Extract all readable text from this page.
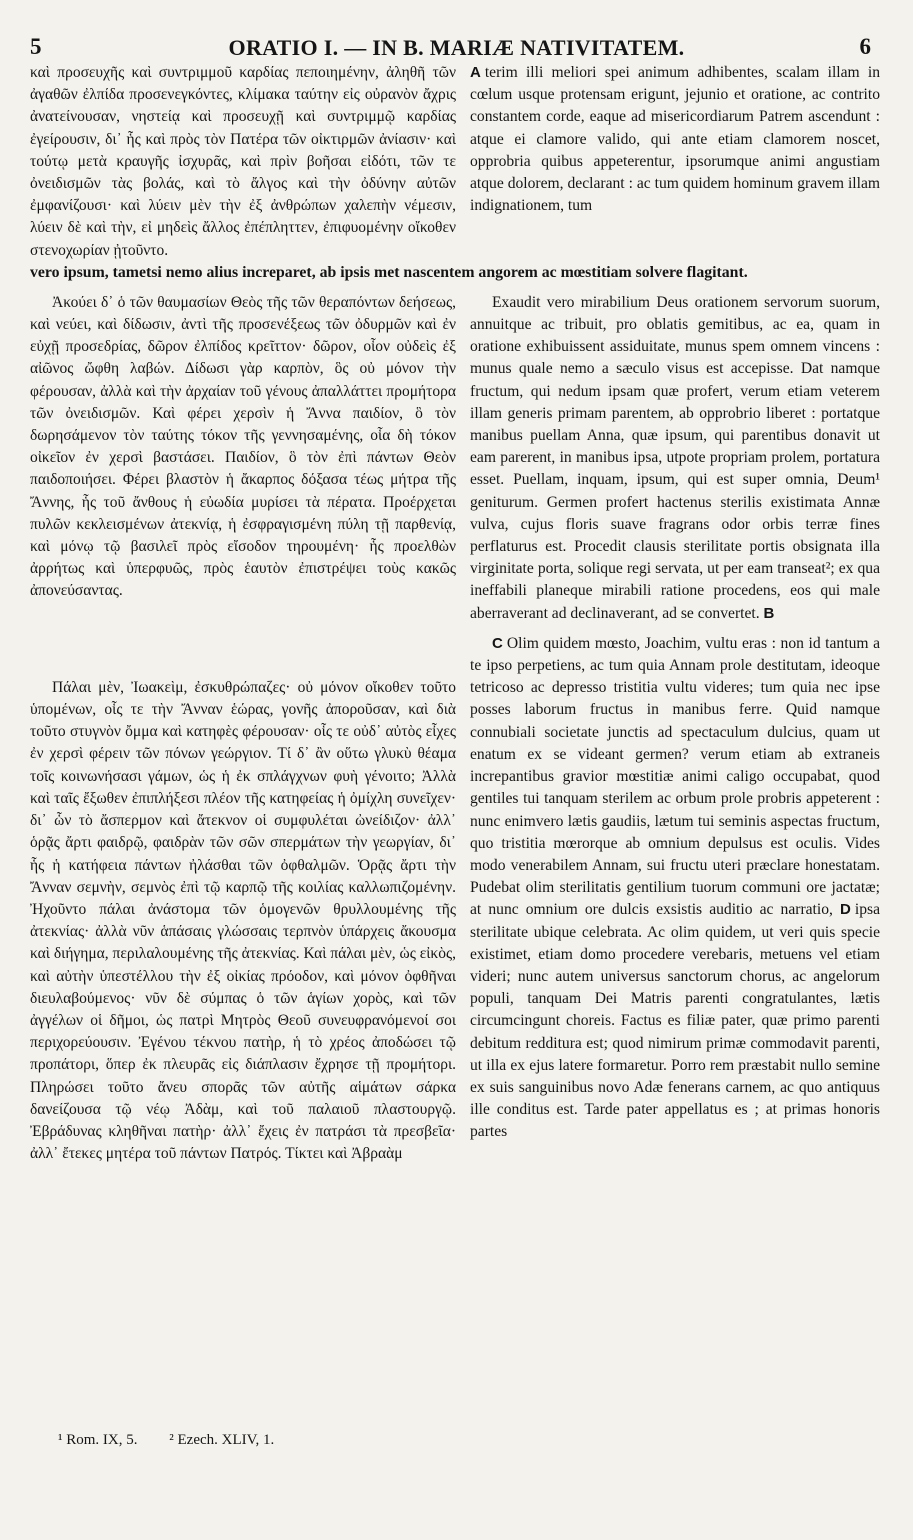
5	ORATIO I. — IN B. MARIÆ NATIVITATEM.	6

καὶ προσευχῆς καὶ συντριμμοῦ καρδίας πεποιημένην, ἀληθῆ τῶν ἀγαθῶν ἐλπίδα προσενεγκόντες, κλίμακα ταύτην εἰς οὐρανὸν ἄχρις ἀνατείνουσαν, νηστείᾳ καὶ προσευχῇ καὶ συντριμμῷ καρδίας ἐγείρουσιν, δι᾽ ἧς καὶ πρὸς τὸν Πατέρα τῶν οἰκτιρμῶν ἀνίασιν· καὶ τούτῳ μετὰ κραυγῆς ἰσχυρᾶς, καὶ πρὶν βοῆσαι εἰδότι, τῶν τε ὀνειδισμῶν τὰς βολάς, καὶ τὸ ἄλγος καὶ τὴν ὀδύνην αὐτῶν ἐμφανίζουσι· καὶ λύειν μὲν τὴν ἐξ ἀνθρώπων χαλεπὴν νέμεσιν, λύειν δὲ καὶ τὴν, εἰ μηδεὶς ἄλλος ἐπέπληττεν, ἐπιφυομένην οἴκοθεν στενοχωρίαν ᾐτοῦντο.

A terim illi meliori spei animum adhibentes, scalam illam in cœlum usque protensam erigunt, jejunio et oratione, ac contrito constantem corde, eaque ad misericordiarum Patrem ascendunt : atque ei clamore valido, qui ante etiam clamorem noscet, opprobria quibus appeterentur, ipsorumque animi angustiam atque dolorem, declarant : ac tum quidem hominum gravem illam indignationem, tum

vero ipsum, tametsi nemo alius increparet, ab ipsis met nascentem angorem ac mœstitiam solvere flagitant.

Ἀκούει δ᾽ ὁ τῶν θαυμασίων Θεὸς τῆς τῶν θεραπόντων δεήσεως, καὶ νεύει, καὶ δίδωσιν, ἀντὶ τῆς προσενέξεως τῶν ὀδυρμῶν καὶ ἐν εὐχῇ προσεδρίας, δῶρον ἐλπίδος κρεῖττον· δῶρον, οἷον οὐδεὶς ἐξ αἰῶνος ὤφθη λαβών. Δίδωσι γὰρ καρπὸν, ὃς οὐ μόνον τὴν φέρουσαν, ἀλλὰ καὶ τὴν ἀρχαίαν τοῦ γένους ἀπαλλάττει προμήτορα τῶν ὀνειδισμῶν. Καὶ φέρει χερσὶν ἡ Ἄννα παιδίον, ὃ τὸν δωρησάμενον τὸν ταύτης τόκον τῆς γεννησαμένης, οἷα δὴ τόκον οἰκεῖον ἐν χερσὶ βαστάσει. Παιδίον, ὃ τὸν ἐπὶ πάντων Θεὸν παιδοποιήσει. Φέρει βλαστὸν ἡ ἄκαρπος δόξασα τέως μήτρα τῆς Ἄννης, ἧς τοῦ ἄνθους ἡ εὐωδία μυρίσει τὰ πέρατα. Προέρχεται πυλῶν κεκλεισμένων ἀτεκνίᾳ, ἡ ἐσφραγισμένη πύλη τῇ παρθενίᾳ, καὶ μόνῳ τῷ βασιλεῖ πρὸς εἴσοδον τηρουμένη· ἧς προελθὼν ἀρρήτως καὶ ὑπερφυῶς, πρὸς ἑαυτὸν ἐπιστρέψει τοὺς κακῶς ἀπονεύσαντας.

Exaudit vero mirabilium Deus orationem servorum suorum, annuitque ac tribuit, pro oblatis gemitibus, ac ea, quam in oratione exhibuissent assiduitate, munus spem omnem vincens : munus quale nemo a sæculo visus est accepisse. Dat namque fructum, qui nedum ipsam quæ profert, verum etiam veterem illam generis primam parentem, ab opprobrio liberet : portatque manibus puellam Anna, quæ ipsum, qui parentibus donavit ut eam parerent, in manibus ipsa, utpote propriam prolem, portatura esset. Puellam, inquam, ipsum, qui est super omnia, Deum¹ geniturum. Germen profert hactenus sterilis existimata Annæ vulva, cujus floris suave fragrans odor orbis terræ fines perflaturus est. Procedit clausis sterilitate portis obsignata illa virginitate porta, solique regi servata, ut per eam transeat²; ex qua ineffabili planeque mirabili ratione procedens, eos qui male aberraverant ad declinaverant, ad se convertet. B

Πάλαι μὲν, Ἰωακεὶμ, ἐσκυθρώπαζες· οὐ μόνον οἴκοθεν τοῦτο ὑπομένων, οἷς τε τὴν Ἄνναν ἑώρας, γονῆς ἀποροῦσαν, καὶ διὰ τοῦτο στυγνὸν ὄμμα καὶ κατηφὲς φέρουσαν· οἷς τε οὐδ᾽ αὐτὸς εἶχες ἐν χερσὶ φέρειν τῶν πόνων γεώργιον. Τί δ᾽ ἂν οὕτω γλυκὺ θέαμα τοῖς κοινωνήσασι γάμων, ὡς ἡ ἐκ σπλάγχνων φυὴ γένοιτο; Ἀλλὰ καὶ ταῖς ἔξωθεν ἐπιπλήξεσι πλέον τῆς κατηφείας ἡ ὀμίχλη συνεῖχεν· δι᾽ ὧν τὸ ἄσπερμον καὶ ἄτεκνον οἱ συμφυλέται ὠνείδιζον· ἀλλ᾽ ὁρᾷς ἄρτι φαιδρῷ, φαιδρὰν τῶν σῶν σπερμάτων τὴν γεωργίαν, δι᾽ ἧς ἡ κατήφεια πάντων ἠλάσθαι τῶν ὀφθαλμῶν. Ὁρᾷς ἄρτι τὴν Ἄνναν σεμνὴν, σεμνὸς ἐπὶ τῷ καρπῷ τῆς κοιλίας καλλωπιζομένην. Ἠχοῦντο πάλαι ἀνάστομα τῶν ὁμογενῶν θρυλλουμένης τῆς ἀτεκνίας· ἀλλὰ νῦν ἁπάσαις γλώσσαις τερπνὸν ὑπάρχεις ἄκουσμα καὶ διήγημα, περιλαλουμένης τῆς ἀτεκνίας. Καὶ πάλαι μὲν, ὡς εἰκὸς, καὶ αὐτὴν ὑπεστέλλου τὴν ἐξ οἰκίας πρόοδον, καὶ μόνον ὀφθῆναι διευλαβούμενος· νῦν δὲ σύμπας ὁ τῶν ἁγίων χορὸς, καὶ τῶν ἀγγέλων οἱ δῆμοι, ὡς πατρὶ Μητρὸς Θεοῦ συνευφρανόμενοί σοι περιχορεύουσιν. Ἐγένου τέκνου πατὴρ, ἡ τὸ χρέος ἀποδώσει τῷ προπάτορι, ὅπερ ἐκ πλευρᾶς εἰς διάπλασιν ἔχρησε τῇ προμήτορι. Πληρώσει τοῦτο ἄνευ σπορᾶς τῶν αὐτῆς αἱμάτων σάρκα δανείζουσα τῷ νέῳ Ἀδὰμ, καὶ τοῦ παλαιοῦ πλαστουργῷ. Ἐβράδυνας κληθῆναι πατὴρ· ἀλλ᾽ ἔχεις ἐν πατράσι τὰ πρεσβεῖα· ἀλλ᾽ ἔτεκες μητέρα τοῦ πάντων Πατρός. Τίκτει καὶ Ἀβραὰμ

C Olim quidem mœsto, Joachim, vultu eras : non id tantum a te ipso perpetiens, ac tum quia Annam prole destitutam, ideoque tetricoso ac depresso tristitia vultu videres; tum quia nec ipse posses laborum fructus in manibus ferre. Quid namque connubiali societate junctis ad spectaculum dulcius, quam ut enatum ex se videant germen? verum etiam ab extraneis increpantibus gravior mœstitiæ animi caligo occupabat, quod gentiles tui tanquam sterilem ac orbum prole probris appeterent : nunc enimvero lætis gaudiis, lætum tui seminis aspectas fructum, quo tristitia mœrorque ab omnium depulsus est oculis. Vides modo venerabilem Annam, sui fructu uteri præclare honestatam. Pudebat olim sterilitatis gentilium tuorum communi ore jactatæ; at nunc omnium ore dulcis exsistis auditio ac narratio, D ipsa sterilitate ubique celebrata. Ac olim quidem, ut veri quis specie existimet, etiam domo procedere verebaris, metuens vel etiam videri; nunc autem universus sanctorum chorus, ac angelorum populi, tanquam Dei Matris parenti congratulantes, lætis circumcingunt choreis. Factus es filiæ pater, quæ primo parenti debitum redditura est; quod nimirum primæ commodavit parenti, ut illa ex ejus latere formaretur. Porro rem præstabit nullo semine ex suis sanguinibus novo Adæ fenerans carnem, ac quo antiquus ille conditus est. Tarde pater appellatus es ; at primas honoris partes

¹ Rom. IX, 5. ² Ezech. XLIV, 1.
